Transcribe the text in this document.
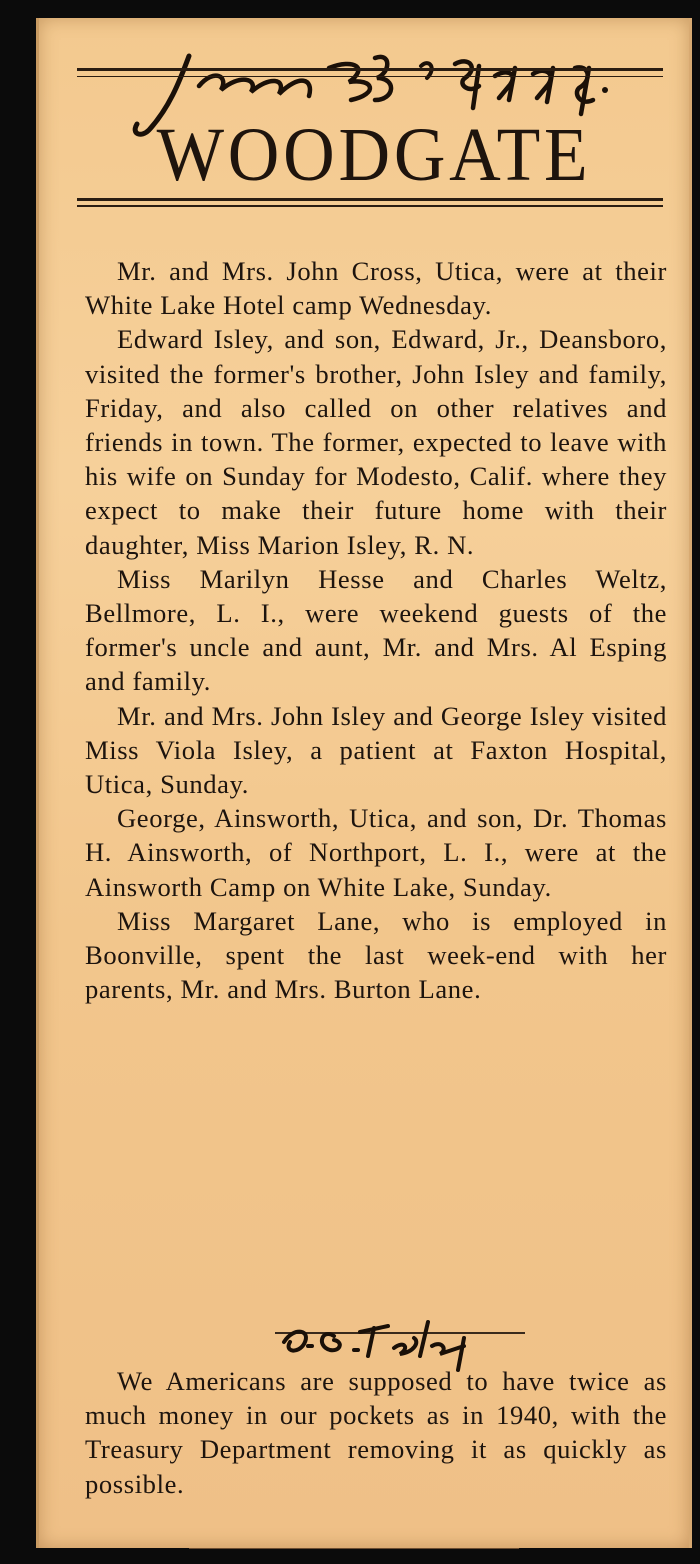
WOODGATE

Mr. and Mrs. John Cross, Utica, were at their White Lake Hotel camp Wednesday.

Edward Isley, and son, Edward, Jr., Deansboro, visited the former's brother, John Isley and family, Friday, and also called on other relatives and friends in town. The former, expected to leave with his wife on Sunday for Modesto, Calif. where they expect to make their future home with their daughter, Miss Marion Isley, R. N.

Miss Marilyn Hesse and Charles Weltz, Bellmore, L. I., were weekend guests of the former's uncle and aunt, Mr. and Mrs. Al Esping and family.

Mr. and Mrs. John Isley and George Isley visited Miss Viola Isley, a patient at Faxton Hospital, Utica, Sunday.

George, Ainsworth, Utica, and son, Dr. Thomas H. Ainsworth, of Northport, L. I., were at the Ainsworth Camp on White Lake, Sunday.

Miss Margaret Lane, who is employed in Boonville, spent the last week-end with her parents, Mr. and Mrs. Burton Lane.

We Americans are supposed to have twice as much money in our pockets as in 1940, with the Treasury Department removing it as quickly as possible.
